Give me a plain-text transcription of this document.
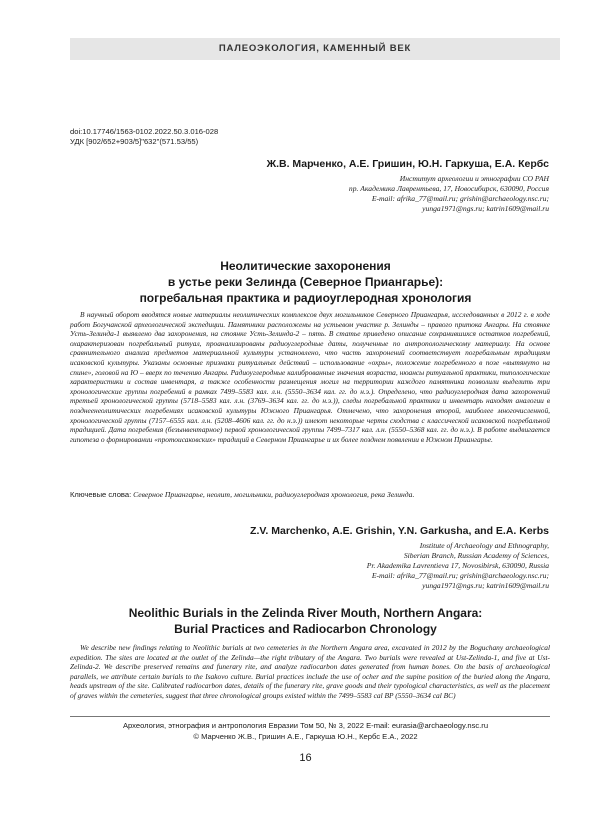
ПАЛЕОЭКОЛОГИЯ, КАМЕННЫЙ ВЕК
doi:10.17746/1563-0102.2022.50.3.016-028
УДК [902/652+903/5]"632"(571.53/55)
Ж.В. Марченко, А.Е. Гришин, Ю.Н. Гаркуша, Е.А. Кербс
Институт археологии и этнографии СО РАН
пр. Академика Лаврентьева, 17, Новосибирск, 630090, Россия
E-mail: afrika_77@mail.ru; grishin@archaeology.nsc.ru;
yunga1971@ngs.ru; katrin1609@mail.ru
Неолитические захоронения
в устье реки Зелинда (Северное Приангарье):
погребальная практика и радиоуглеродная хронология

В научный оборот вводятся новые материалы неолитических комплексов двух могильников Северного Приангарья, исследованных в 2012 г. в ходе работ Богучанской археологической экспедиции. Памятники расположены на устьевом участке р. Зелинды – правого притока Ангары. На стоянке Усть-Зелинда-1 выявлено два захоронения, на стоянке Усть-Зелинда-2 – пять. В статье приведено описание сохранившихся остатков погребений, охарактеризован погребальный ритуал, проанализированы радиоуглеродные даты, полученные по антропологическому материалу. На основе сравнительного анализа предметов материальной культуры установлено, что часть захоронений соответствует погребальным традициям исаковской культуры. Указаны основные признаки ритуальных действий – использование «охры», положение погребенного в позе «вытянуто на спине», головой на Ю – вверх по течению Ангары. Радиоуглеродные калиброванные значения возраста, нюансы ритуальной практики, типологические характеристики и состав инвентаря, а также особенности размещения могил на территории каждого памятника позволили выделить три хронологические группы погребений в рамках 7499–5583 кал. л.н. (5550–3634 кал. гг. до н.э.). Определено, что радиоуглеродная дата захоронений третьей хронологической группы (5718–5583 кал. л.н. (3769–3634 кал. гг. до н.э.)), следы погребальной практики и инвентарь находят аналогии в позднеенеолитических погребениях исаковской культуры Южного Приангарья. Отмечено, что захоронения второй, наиболее многочисленной, хронологической группы (7157–6555 кал. л.н. (5208–4606 кал. гг. до н.э.)) имеют некоторые черты сходства с классической исаковской погребальной традицией. Дата погребения (безынвентарное) первой хронологической группы 7499–7317 кал. л.н. (5550–5368 кал. гг. до н.э.). В работе выдвигается гипотеза о формировании «протоисаковских» традиций в Северном Приангарье и их более позднем появлении в Южном Приангарье.

Ключевые слова: Северное Приангарье, неолит, могильники, радиоуглеродная хронология, река Зелинда.
Z.V. Marchenko, A.E. Grishin, Y.N. Garkusha, and E.A. Kerbs
Institute of Archaeology and Ethnography,
Siberian Branch, Russian Academy of Sciences,
Pr. Akademika Lavrentieva 17, Novosibirsk, 630090, Russia
E-mail: afrika_77@mail.ru; grishin@archaeology.nsc.ru;
yunga1971@ngs.ru; katrin1609@mail.ru
Neolithic Burials in the Zelinda River Mouth, Northern Angara:
Burial Practices and Radiocarbon Chronology

We describe new findings relating to Neolithic burials at two cemeteries in the Northern Angara area, excavated in 2012 by the Boguchany archaeological expedition. The sites are located at the outlet of the Zelinda—the right tributary of the Angara. Two burials were revealed at Ust-Zelinda-1, and five at Ust-Zelinda-2. We describe preserved remains and funerary rite, and analyze radiocarbon dates generated from human bones. On the basis of archaeological parallels, we attribute certain burials to the Isakovo culture. Burial practices include the use of ocher and the supine position of the buried along the Angara, heads upstream of the site. Calibrated radiocarbon dates, details of the funerary rite, grave goods and their typological characteristics, as well as the placement of graves within the cemeteries, suggest that three chronological groups existed within the 7499–5583 cal BP (5550–3634 cal BC)

Археология, этнография и антропология Евразии Том 50, № 3, 2022 E-mail: eurasia@archaeology.nsc.ru
© Марченко Ж.В., Гришин А.Е., Гаркуша Ю.Н., Кербс Е.А., 2022
16
